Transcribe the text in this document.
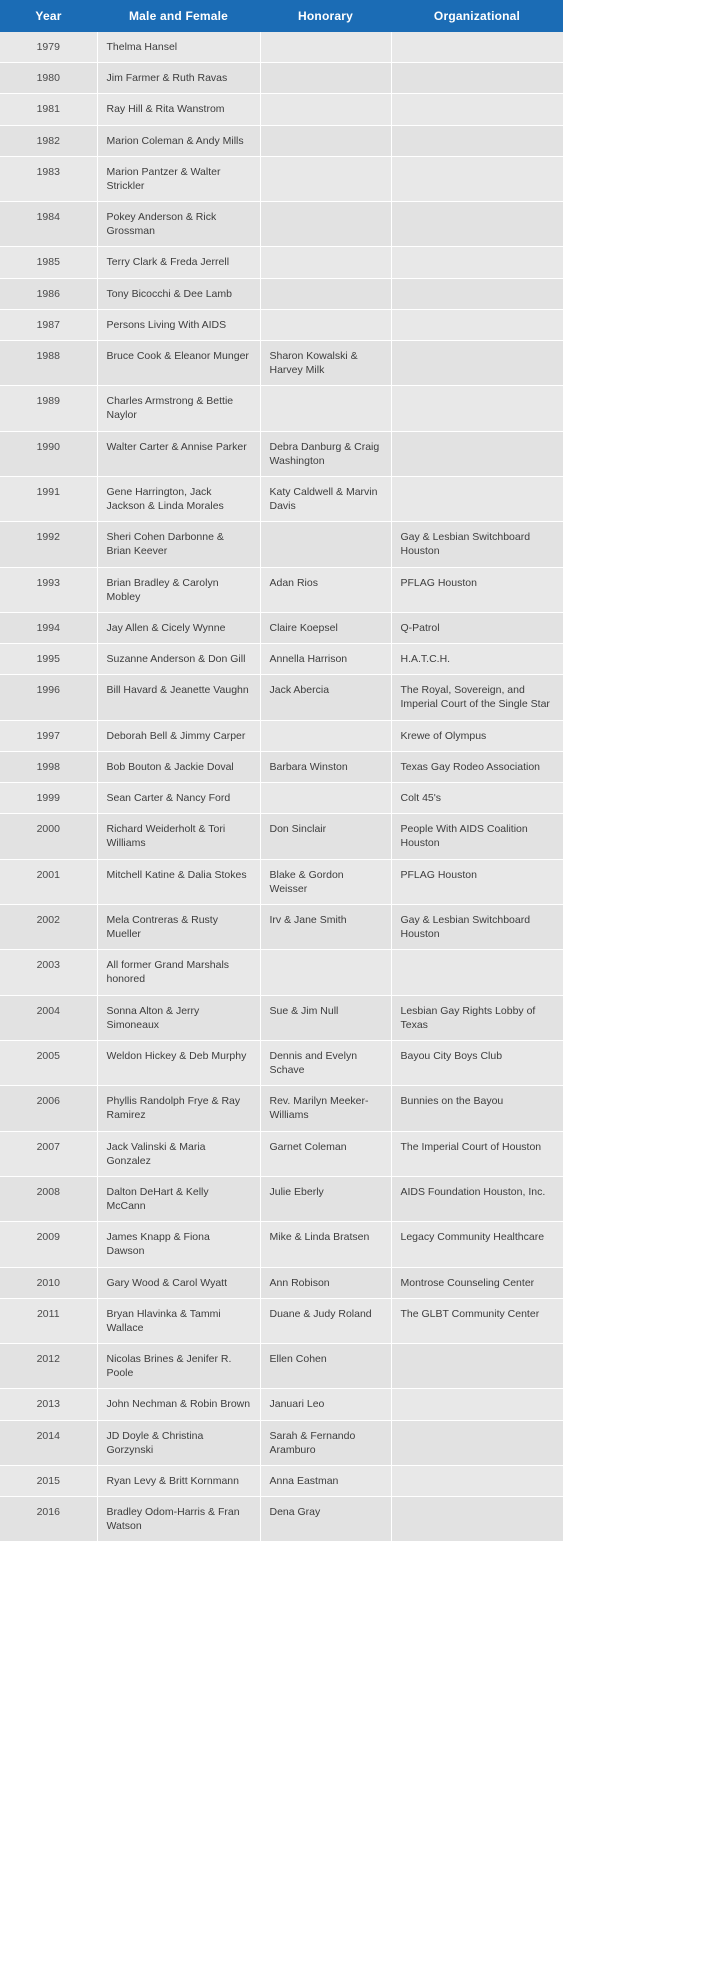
Year	Male and Female	Honorary	Organizational
1979	Thelma Hansel		
1980	Jim Farmer & Ruth Ravas		
1981	Ray Hill & Rita Wanstrom		
1982	Marion Coleman & Andy Mills		
1983	Marion Pantzer & Walter Strickler		
1984	Pokey Anderson & Rick Grossman		
1985	Terry Clark & Freda Jerrell		
1986	Tony Bicocchi & Dee Lamb		
1987	Persons Living With AIDS		
1988	Bruce Cook & Eleanor Munger	Sharon Kowalski & Harvey Milk	
1989	Charles Armstrong & Bettie Naylor		
1990	Walter Carter & Annise Parker	Debra Danburg & Craig Washington	
1991	Gene Harrington, Jack Jackson & Linda Morales	Katy Caldwell & Marvin Davis	
1992	Sheri Cohen Darbonne & Brian Keever		Gay & Lesbian Switchboard Houston
1993	Brian Bradley & Carolyn Mobley	Adan Rios	PFLAG Houston
1994	Jay Allen & Cicely Wynne	Claire Koepsel	Q-Patrol
1995	Suzanne Anderson & Don Gill	Annella Harrison	H.A.T.C.H.
1996	Bill Havard & Jeanette Vaughn	Jack Abercia	The Royal, Sovereign, and Imperial Court of the Single Star
1997	Deborah Bell & Jimmy Carper		Krewe of Olympus
1998	Bob Bouton & Jackie Doval	Barbara Winston	Texas Gay Rodeo Association
1999	Sean Carter & Nancy Ford		Colt 45's
2000	Richard Weiderholt & Tori Williams	Don Sinclair	People With AIDS Coalition Houston
2001	Mitchell Katine & Dalia Stokes	Blake & Gordon Weisser	PFLAG Houston
2002	Mela Contreras & Rusty Mueller	Irv & Jane Smith	Gay & Lesbian Switchboard Houston
2003	All former Grand Marshals honored		
2004	Sonna Alton & Jerry Simoneaux	Sue & Jim Null	Lesbian Gay Rights Lobby of Texas
2005	Weldon Hickey & Deb Murphy	Dennis and Evelyn Schave	Bayou City Boys Club
2006	Phyllis Randolph Frye & Ray Ramirez	Rev. Marilyn Meeker-Williams	Bunnies on the Bayou
2007	Jack Valinski & Maria Gonzalez	Garnet Coleman	The Imperial Court of Houston
2008	Dalton DeHart & Kelly McCann	Julie Eberly	AIDS Foundation Houston, Inc.
2009	James Knapp & Fiona Dawson	Mike & Linda Bratsen	Legacy Community Healthcare
2010	Gary Wood & Carol Wyatt	Ann Robison	Montrose Counseling Center
2011	Bryan Hlavinka & Tammi Wallace	Duane & Judy Roland	The GLBT Community Center
2012	Nicolas Brines & Jenifer R. Poole	Ellen Cohen	
2013	John Nechman & Robin Brown	Januari Leo	
2014	JD Doyle & Christina Gorzynski	Sarah & Fernando Aramburo	
2015	Ryan Levy & Britt Kornmann	Anna Eastman	
2016	Bradley Odom-Harris & Fran Watson	Dena Gray	
